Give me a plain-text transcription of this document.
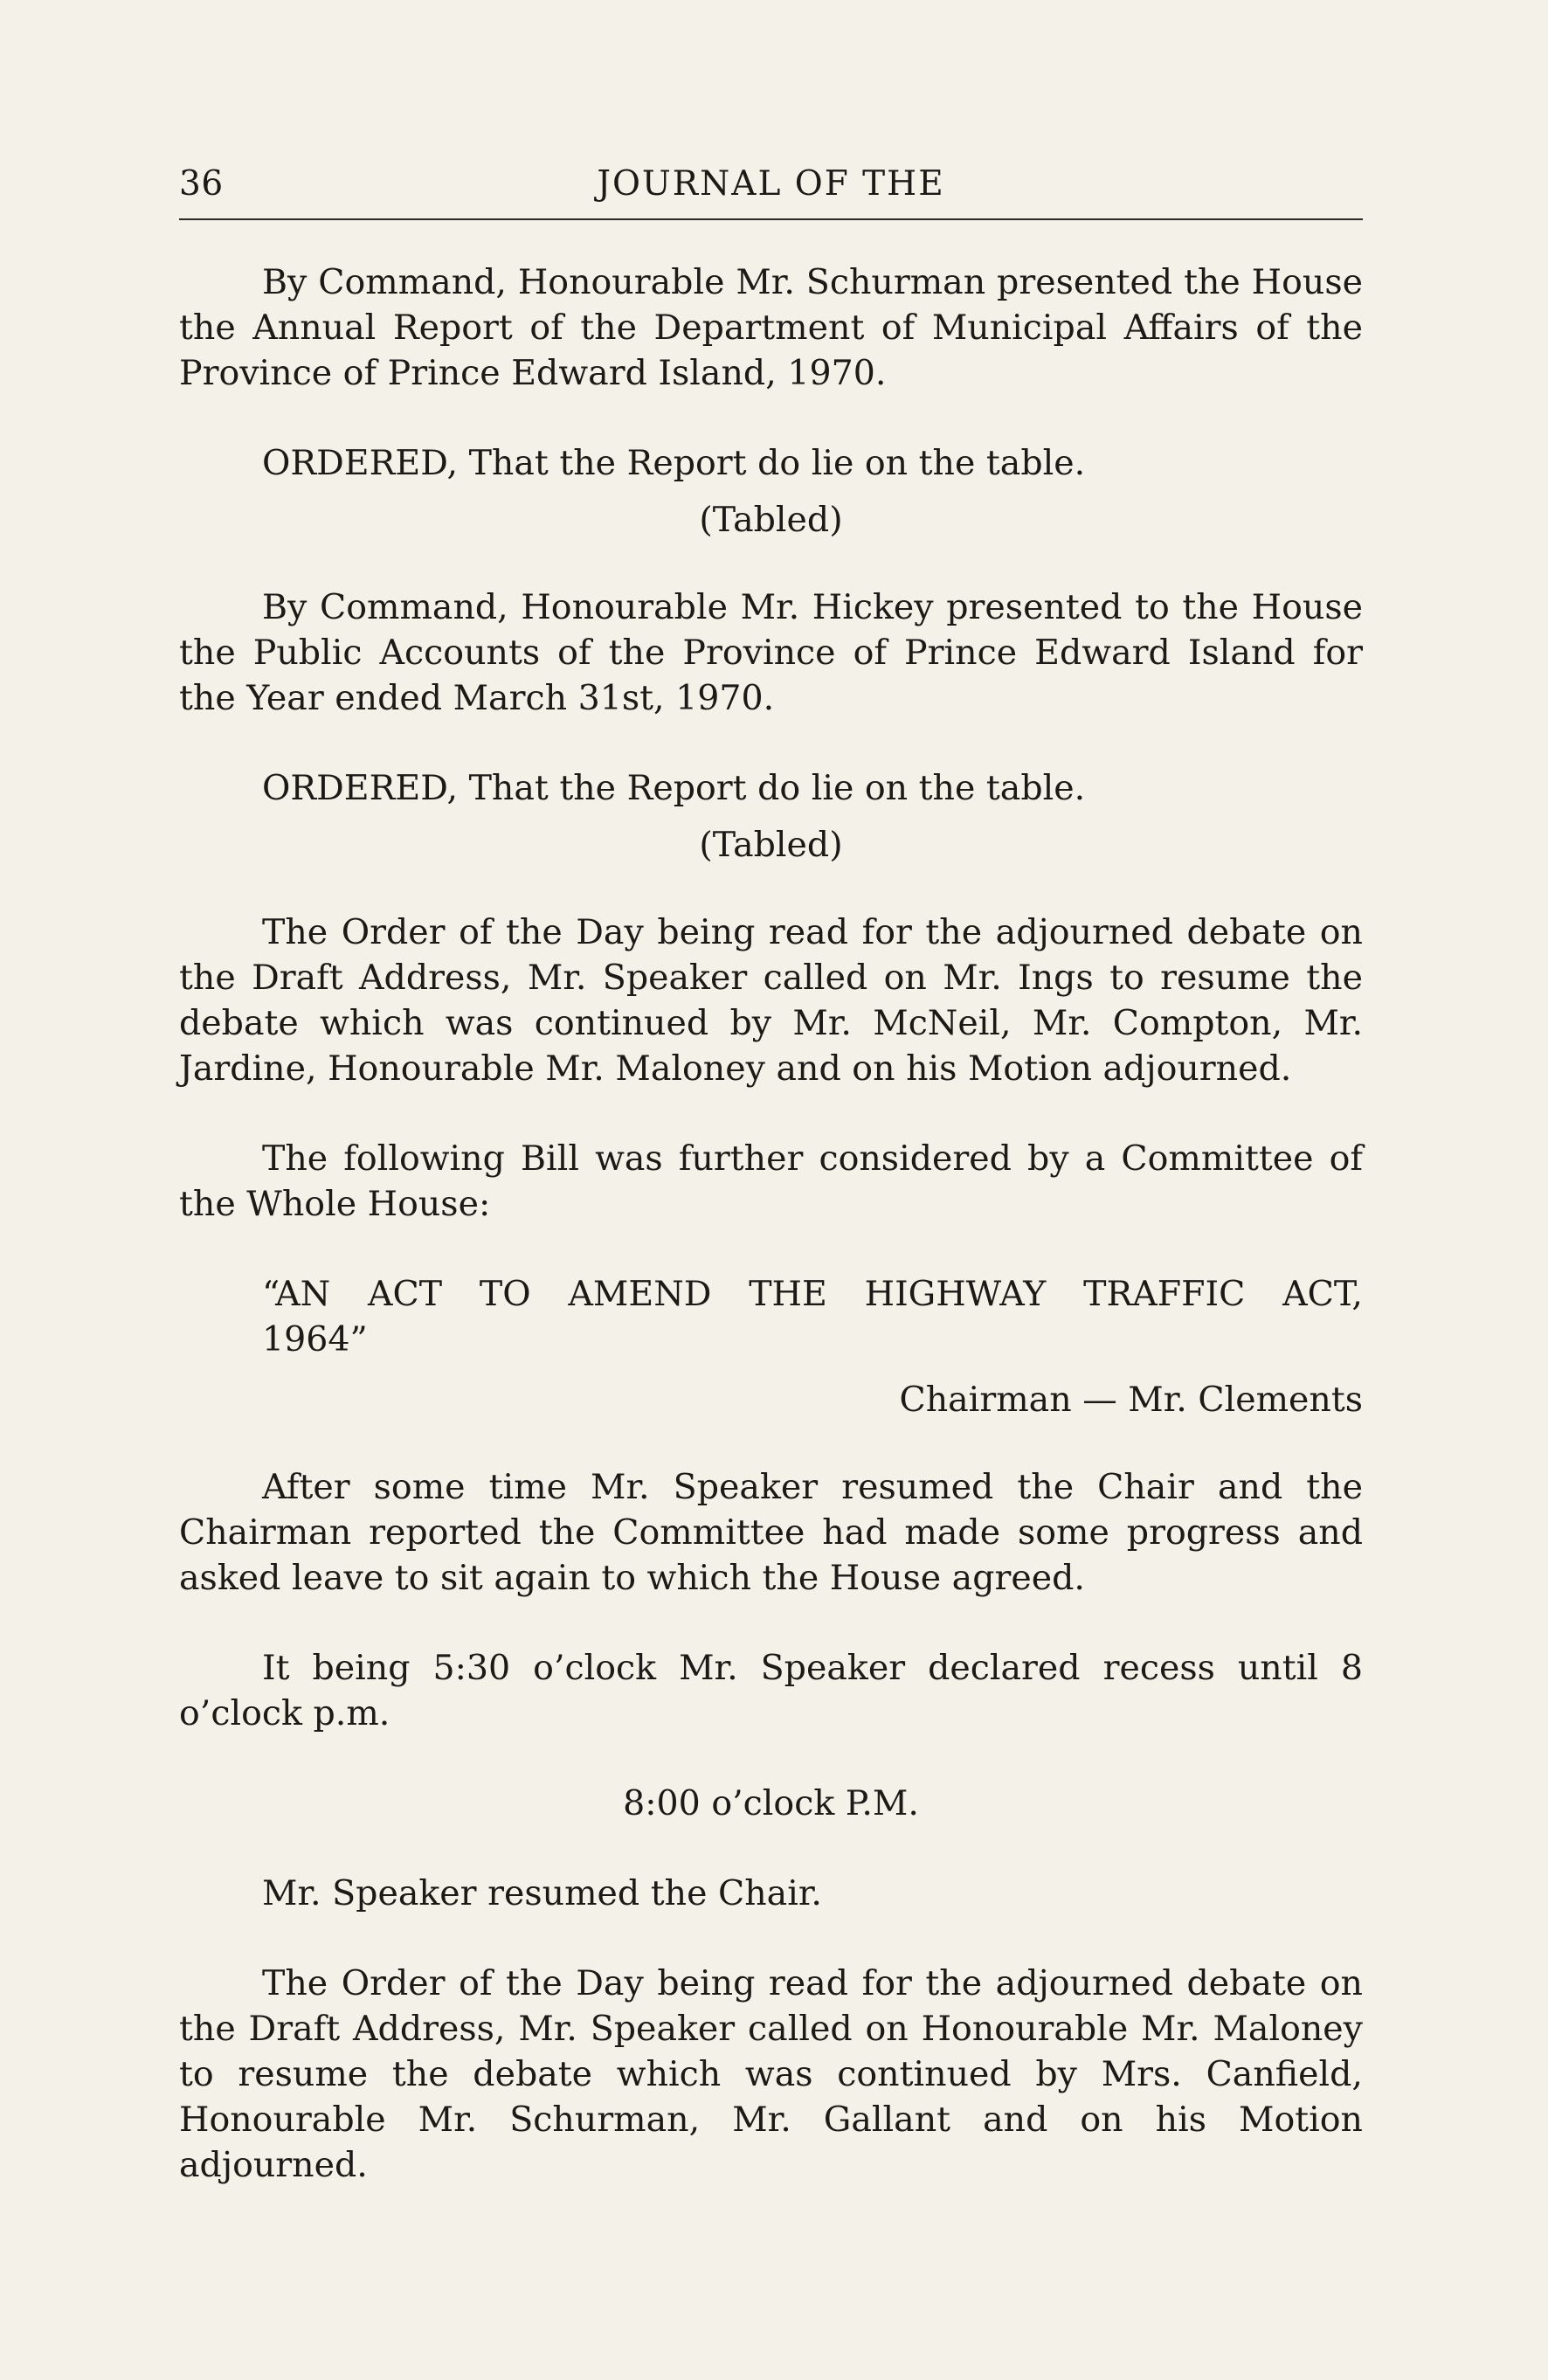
36	JOURNAL OF THE

By Command, Honourable Mr. Schurman presented the House the Annual Report of the Department of Municipal Affairs of the Province of Prince Edward Island, 1970.

ORDERED, That the Report do lie on the table.

(Tabled)

By Command, Honourable Mr. Hickey presented to the House the Public Accounts of the Province of Prince Edward Island for the Year ended March 31st, 1970.

ORDERED, That the Report do lie on the table.

(Tabled)

The Order of the Day being read for the adjourned debate on the Draft Address, Mr. Speaker called on Mr. Ings to resume the debate which was continued by Mr. McNeil, Mr. Compton, Mr. Jardine, Honourable Mr. Maloney and on his Motion adjourned.

The following Bill was further considered by a Committee of the Whole House:

“AN ACT TO AMEND THE HIGHWAY TRAFFIC ACT, 1964”

Chairman — Mr. Clements

After some time Mr. Speaker resumed the Chair and the Chairman reported the Committee had made some progress and asked leave to sit again to which the House agreed.

It being 5:30 o’clock Mr. Speaker declared recess until 8 o’clock p.m.

8:00 o’clock P.M.

Mr. Speaker resumed the Chair.

The Order of the Day being read for the adjourned debate on the Draft Address, Mr. Speaker called on Honourable Mr. Maloney to resume the debate which was continued by Mrs. Canfield, Honourable Mr. Schurman, Mr. Gallant and on his Motion adjourned.
